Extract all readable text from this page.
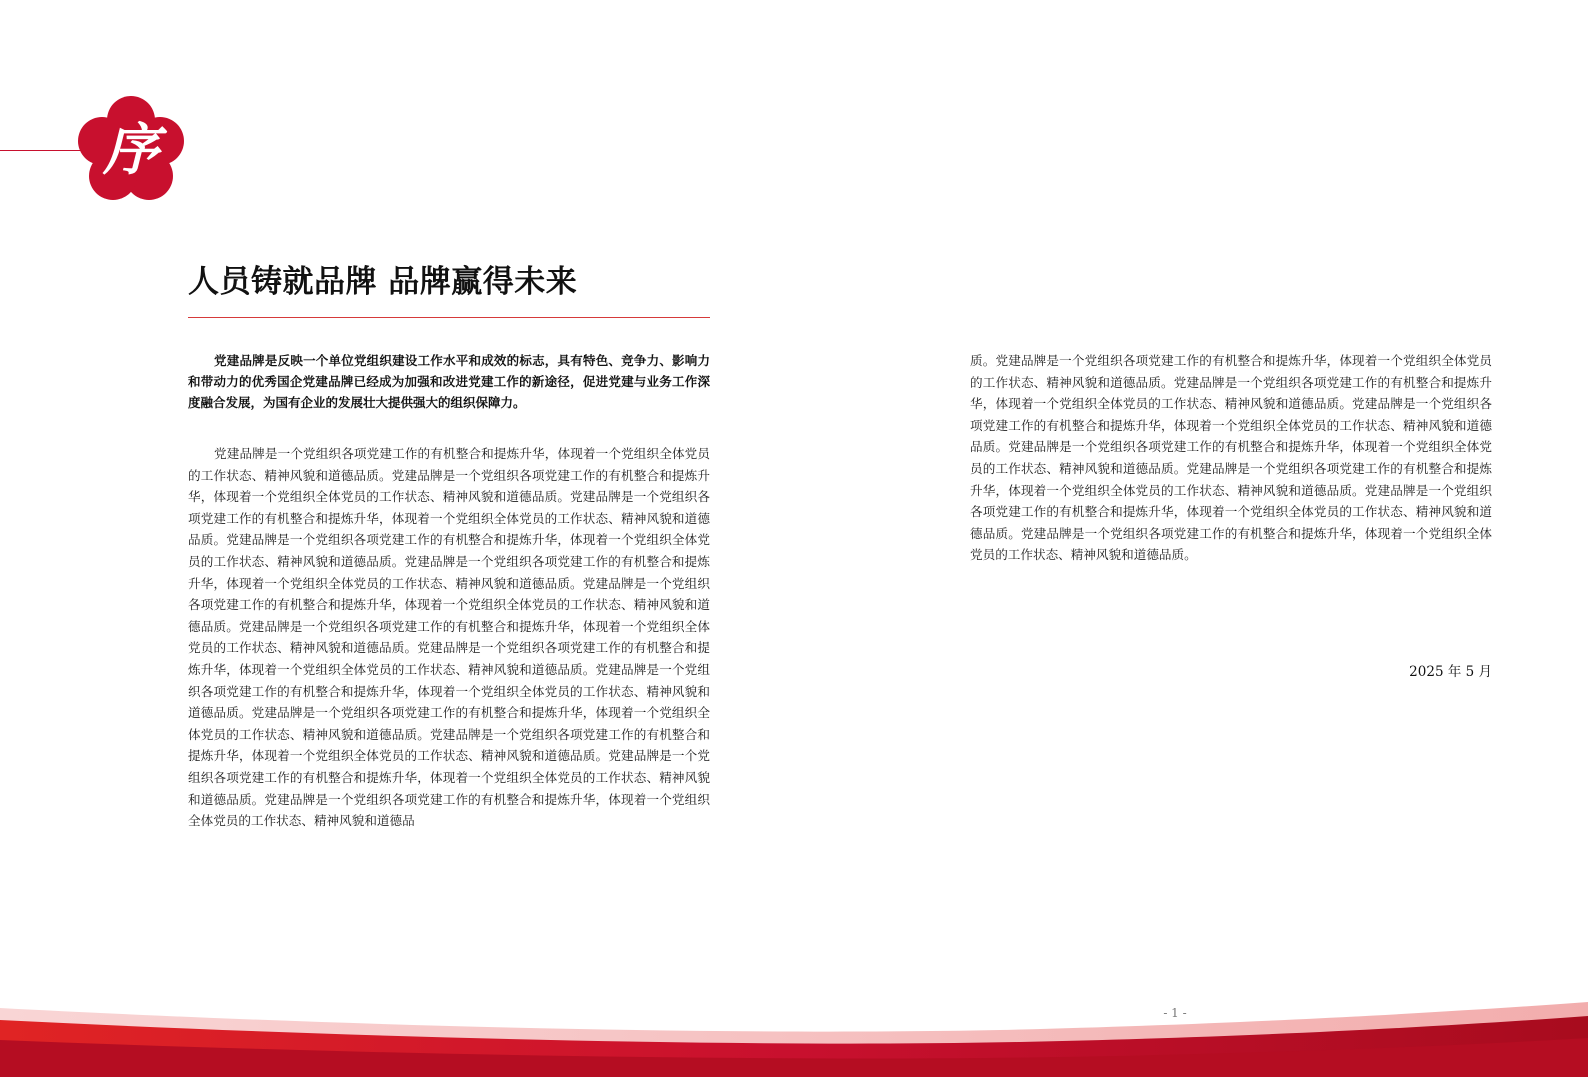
序
人员铸就品牌 品牌赢得未来

党建品牌是反映一个单位党组织建设工作水平和成效的标志，具有特色、竞争力、影响力和带动力的优秀国企党建品牌已经成为加强和改进党建工作的新途径，促进党建与业务工作深度融合发展，为国有企业的发展壮大提供强大的组织保障力。

党建品牌是一个党组织各项党建工作的有机整合和提炼升华，体现着一个党组织全体党员的工作状态、精神风貌和道德品质。党建品牌是一个党组织各项党建工作的有机整合和提炼升华，体现着一个党组织全体党员的工作状态、精神风貌和道德品质。党建品牌是一个党组织各项党建工作的有机整合和提炼升华，体现着一个党组织全体党员的工作状态、精神风貌和道德品质。党建品牌是一个党组织各项党建工作的有机整合和提炼升华，体现着一个党组织全体党员的工作状态、精神风貌和道德品质。党建品牌是一个党组织各项党建工作的有机整合和提炼升华，体现着一个党组织全体党员的工作状态、精神风貌和道德品质。党建品牌是一个党组织各项党建工作的有机整合和提炼升华，体现着一个党组织全体党员的工作状态、精神风貌和道德品质。党建品牌是一个党组织各项党建工作的有机整合和提炼升华，体现着一个党组织全体党员的工作状态、精神风貌和道德品质。党建品牌是一个党组织各项党建工作的有机整合和提炼升华，体现着一个党组织全体党员的工作状态、精神风貌和道德品质。党建品牌是一个党组织各项党建工作的有机整合和提炼升华，体现着一个党组织全体党员的工作状态、精神风貌和道德品质。党建品牌是一个党组织各项党建工作的有机整合和提炼升华，体现着一个党组织全体党员的工作状态、精神风貌和道德品质。党建品牌是一个党组织各项党建工作的有机整合和提炼升华，体现着一个党组织全体党员的工作状态、精神风貌和道德品质。党建品牌是一个党组织各项党建工作的有机整合和提炼升华，体现着一个党组织全体党员的工作状态、精神风貌和道德品质。党建品牌是一个党组织各项党建工作的有机整合和提炼升华，体现着一个党组织全体党员的工作状态、精神风貌和道德品

质。党建品牌是一个党组织各项党建工作的有机整合和提炼升华，体现着一个党组织全体党员的工作状态、精神风貌和道德品质。党建品牌是一个党组织各项党建工作的有机整合和提炼升华，体现着一个党组织全体党员的工作状态、精神风貌和道德品质。党建品牌是一个党组织各项党建工作的有机整合和提炼升华，体现着一个党组织全体党员的工作状态、精神风貌和道德品质。党建品牌是一个党组织各项党建工作的有机整合和提炼升华，体现着一个党组织全体党员的工作状态、精神风貌和道德品质。党建品牌是一个党组织各项党建工作的有机整合和提炼升华，体现着一个党组织全体党员的工作状态、精神风貌和道德品质。党建品牌是一个党组织各项党建工作的有机整合和提炼升华，体现着一个党组织全体党员的工作状态、精神风貌和道德品质。党建品牌是一个党组织各项党建工作的有机整合和提炼升华，体现着一个党组织全体党员的工作状态、精神风貌和道德品质。

2025 年 5 月
- 1 -
